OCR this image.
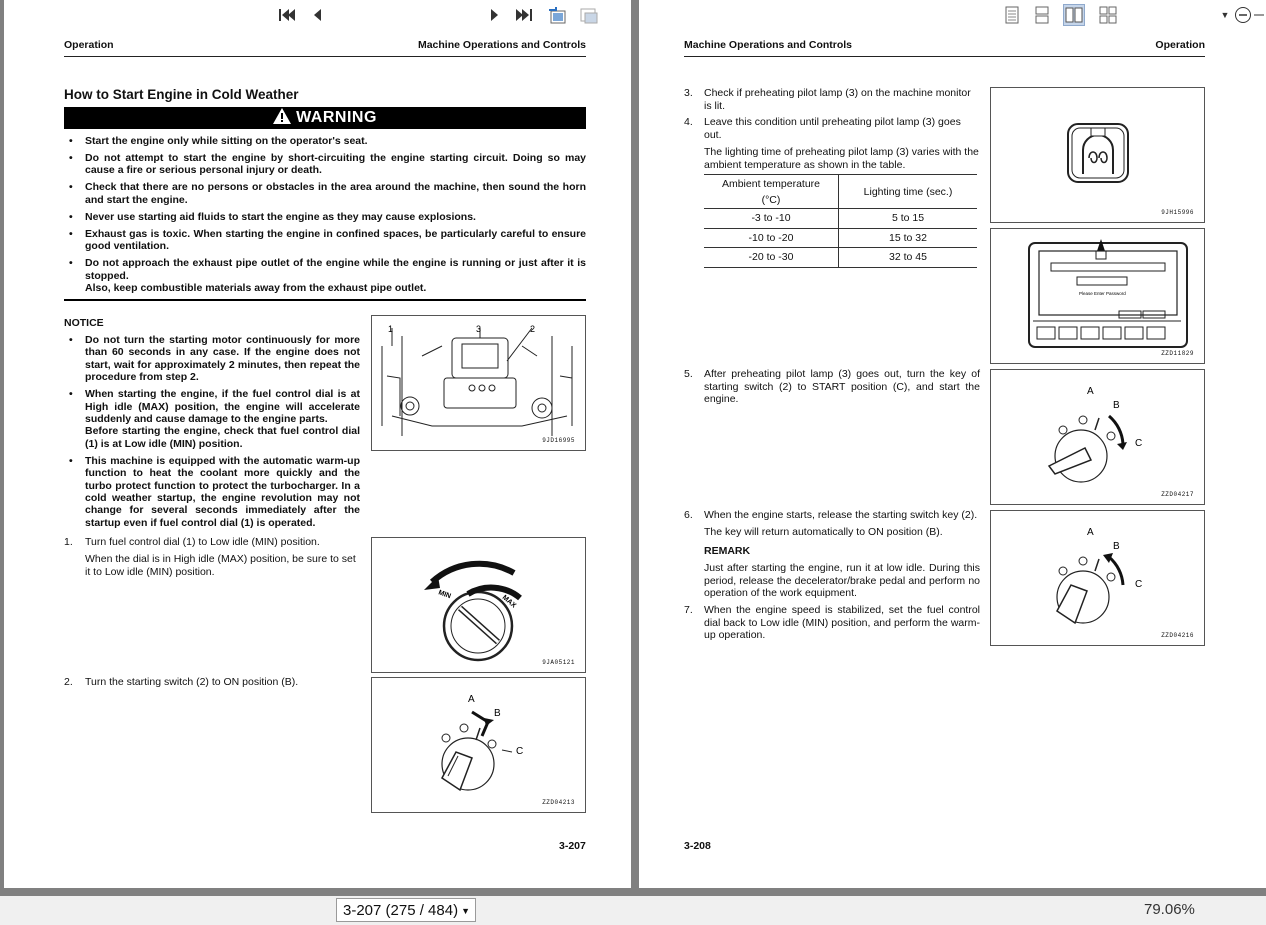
Operation	Machine Operations and Controls
How to Start Engine in Cold Weather
WARNING
• Start the engine only while sitting on the operator's seat.
• Do not attempt to start the engine by short-circuiting the engine starting circuit. Doing so may cause a fire or serious personal injury or death.
• Check that there are no persons or obstacles in the area around the machine, then sound the horn and start the engine.
• Never use starting aid fluids to start the engine as they may cause explosions.
• Exhaust gas is toxic. When starting the engine in confined spaces, be particularly careful to ensure good ventilation.
• Do not approach the exhaust pipe outlet of the engine while the engine is running or just after it is stopped.
Also, keep combustible materials away from the exhaust pipe outlet.
NOTICE
• Do not turn the starting motor continuously for more than 60 seconds in any case. If the engine does not start, wait for approximately 2 minutes, then repeat the procedure from step 2.
• When starting the engine, if the fuel control dial is at High idle (MAX) position, the engine will accelerate suddenly and cause damage to the engine parts.
Before starting the engine, check that fuel control dial (1) is at Low idle (MIN) position.
• This machine is equipped with the automatic warm-up function to heat the coolant more quickly and the turbo protect function to protect the turbocharger. In a cold weather startup, the engine revolution may not change for several seconds immediately after the startup even if fuel control dial (1) is operated.
1	3	2
9JD16995
1. Turn fuel control dial (1) to Low idle (MIN) position.
When the dial is in High idle (MAX) position, be sure to set it to Low idle (MIN) position.
MIN	MAX
9JA05121
2. Turn the starting switch (2) to ON position (B).
A
B
C
ZZD04213
3-207
Machine Operations and Controls	Operation
3. Check if preheating pilot lamp (3) on the machine monitor is lit.
4. Leave this condition until preheating pilot lamp (3) goes out.
The lighting time of preheating pilot lamp (3) varies with the ambient temperature as shown in the table.
Ambient temperature
(°C)	Lighting time (sec.)
-3 to -10	5 to 15
-10 to -20	15 to 32
-20 to -30	32 to 45
9JH15996
Please Enter Password
ZZD11829
5. After preheating pilot lamp (3) goes out, turn the key of starting switch (2) to START position (C), and start the engine.
A
B
C
ZZD04217
6. When the engine starts, release the starting switch key (2).
The key will return automatically to ON position (B).
REMARK
Just after starting the engine, run it at low idle. During this period, release the decelerator/brake pedal and perform no operation of the work equipment.
7. When the engine speed is stabilized, set the fuel control dial back to Low idle (MIN) position, and perform the warm-up operation.
A
B
C
ZZD04216
3-208
3-207 (275 / 484) ▼	79.06%
▼
